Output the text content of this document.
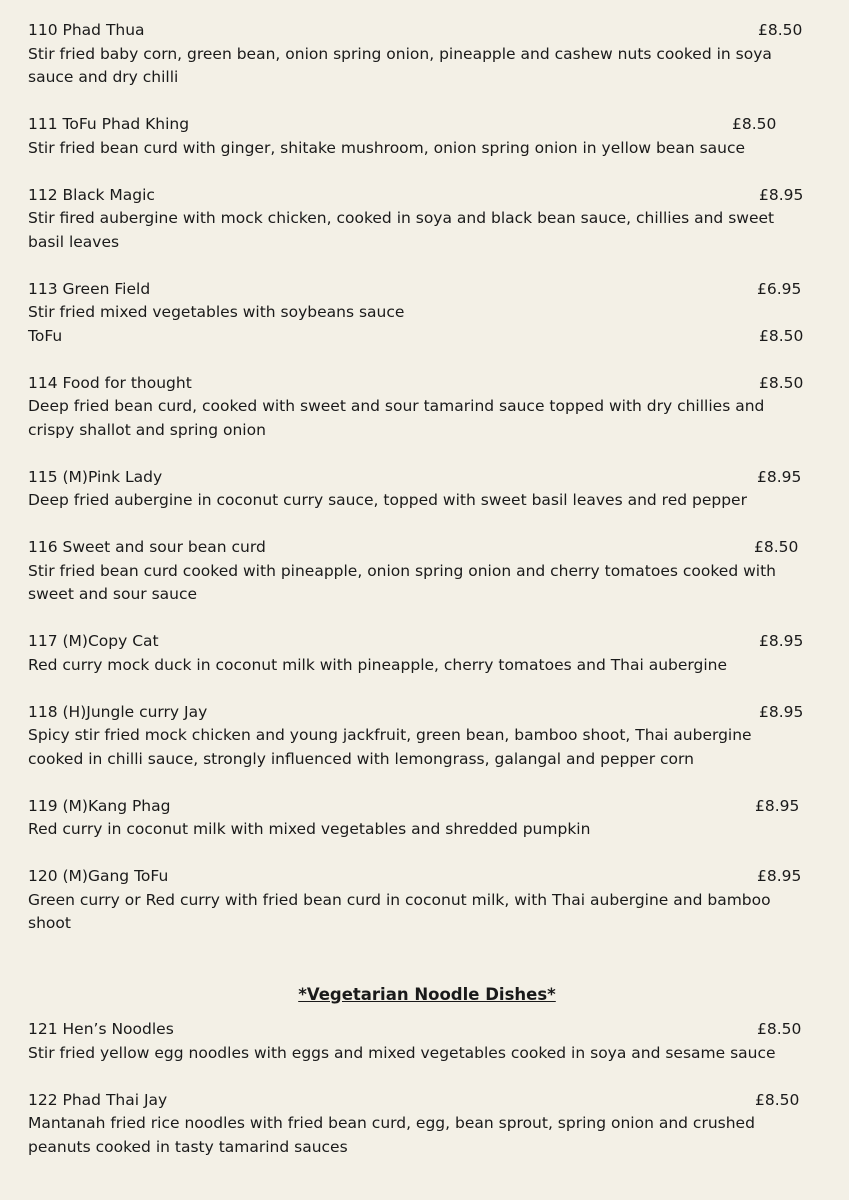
110 Phad Thua	£8.50
Stir fried baby corn, green bean, onion spring onion, pineapple and cashew nuts cooked in soya
sauce and dry chilli
111 ToFu Phad Khing	£8.50
Stir fried bean curd with ginger, shitake mushroom, onion spring onion in yellow bean sauce
112 Black Magic	£8.95
Stir fired aubergine with mock chicken, cooked in soya and black bean sauce, chillies and sweet
basil leaves
113 Green Field	£6.95
Stir fried mixed vegetables with soybeans sauce
ToFu	£8.50
114 Food for thought	£8.50
Deep fried bean curd, cooked with sweet and sour tamarind sauce topped with dry chillies and
crispy shallot and spring onion
115 (M)Pink Lady	£8.95
Deep fried aubergine in coconut curry sauce, topped with sweet basil leaves and red pepper
116 Sweet and sour bean curd	£8.50
Stir fried bean curd cooked with pineapple, onion spring onion and cherry tomatoes cooked with
sweet and sour sauce
117 (M)Copy Cat	£8.95
Red curry mock duck in coconut milk with pineapple, cherry tomatoes and Thai aubergine
118 (H)Jungle curry Jay	£8.95
Spicy stir fried mock chicken and young jackfruit, green bean, bamboo shoot, Thai aubergine
cooked in chilli sauce, strongly influenced with lemongrass, galangal and pepper corn
119 (M)Kang Phag	£8.95
Red curry in coconut milk with mixed vegetables and shredded pumpkin
120 (M)Gang ToFu	£8.95
Green curry or Red curry with fried bean curd in coconut milk, with Thai aubergine and bamboo
shoot
*Vegetarian Noodle Dishes*
121 Hen’s Noodles	£8.50
Stir fried yellow egg noodles with eggs and mixed vegetables cooked in soya and sesame sauce
122 Phad Thai Jay	£8.50
Mantanah fried rice noodles with fried bean curd, egg, bean sprout, spring onion and crushed
peanuts cooked in tasty tamarind sauces
